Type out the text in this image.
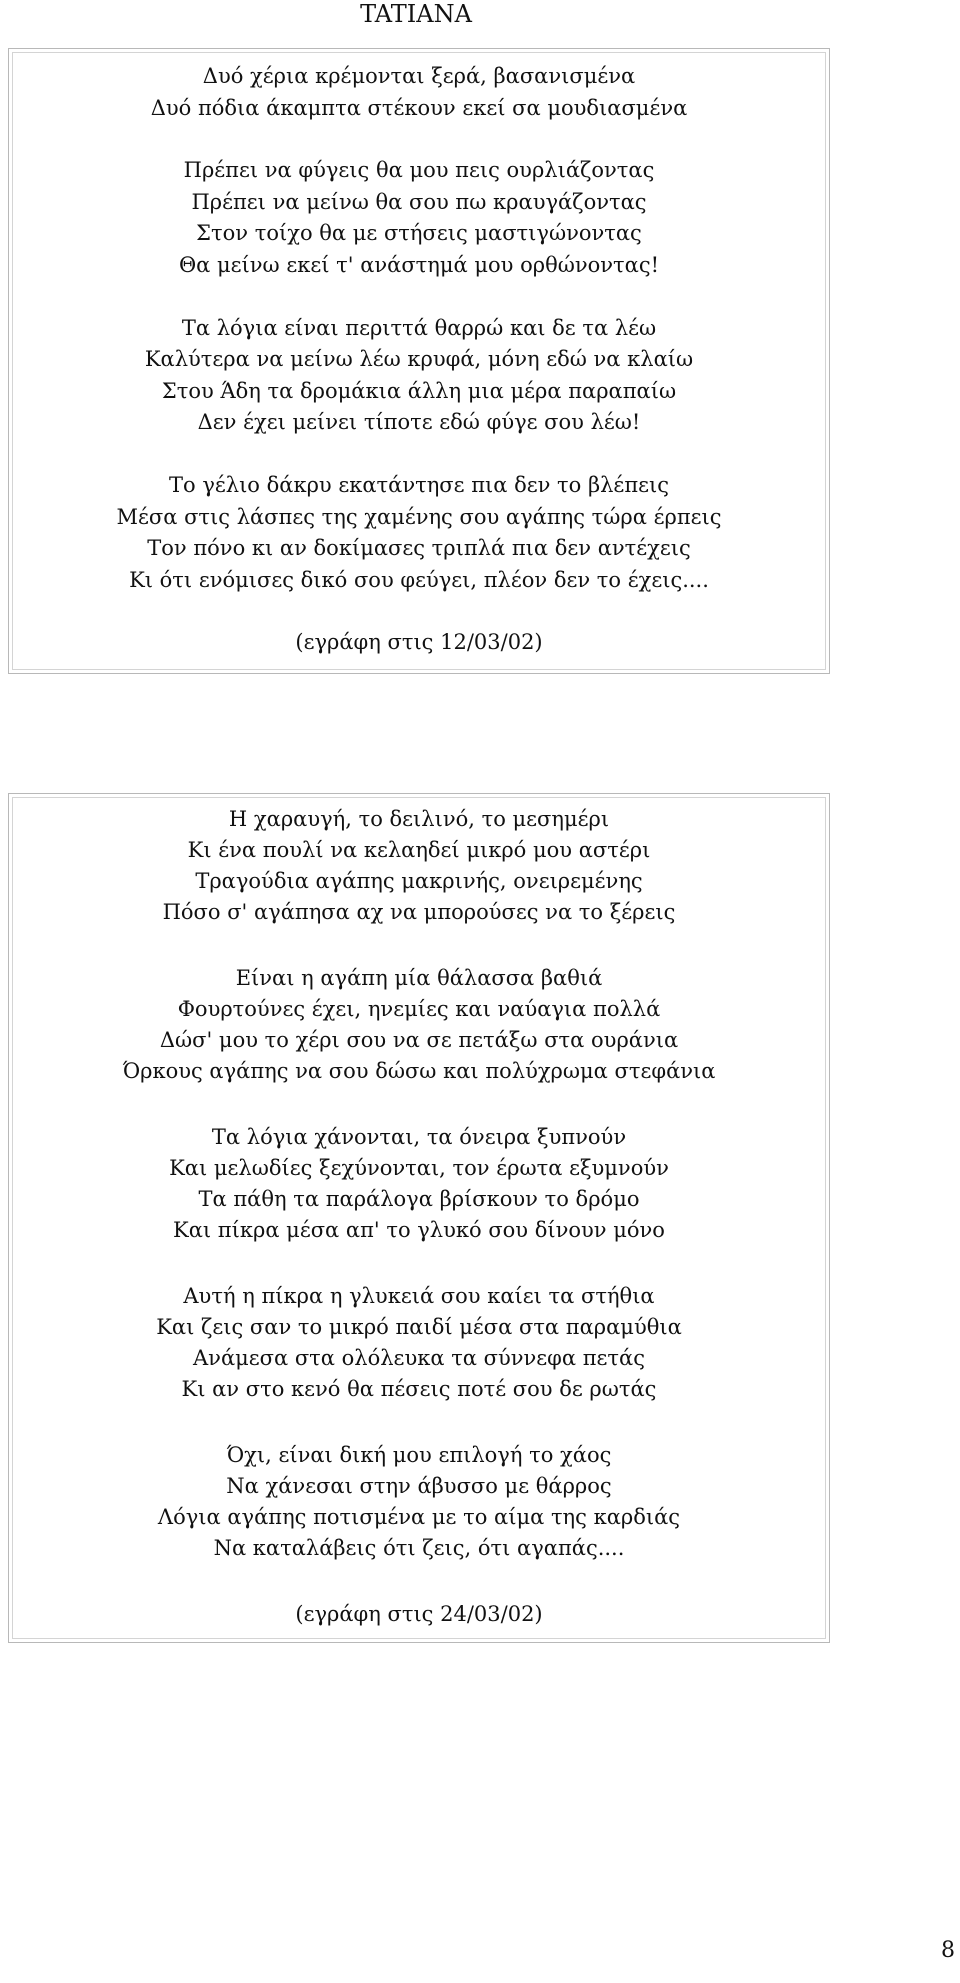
TATIANA
Δυό χέρια κρέμονται ξερά, βασανισμένα
Δυό πόδια άκαμπτα στέκουν εκεί σα μουδιασμένα
Πρέπει να φύγεις θα μου πεις ουρλιάζοντας
Πρέπει να μείνω θα σου πω κραυγάζοντας
Στον τοίχο θα με στήσεις μαστιγώνοντας
Θα μείνω εκεί τ' ανάστημά μου ορθώνοντας!
Τα λόγια είναι περιττά θαρρώ και δε τα λέω
Καλύτερα να μείνω λέω κρυφά, μόνη εδώ να κλαίω
Στου Άδη τα δρομάκια άλλη μια μέρα παραπαίω
Δεν έχει μείνει τίποτε εδώ φύγε σου λέω!
Το γέλιο δάκρυ εκατάντησε πια δεν το βλέπεις
Μέσα στις λάσπες της χαμένης σου αγάπης τώρα έρπεις
Τον πόνο κι αν δοκίμασες τριπλά πια δεν αντέχεις
Κι ότι ενόμισες δικό σου φεύγει, πλέον δεν το έχεις....
(εγράφη στις 12/03/02)
Η χαραυγή, το δειλινό, το μεσημέρι
Κι ένα πουλί να κελαηδεί μικρό μου αστέρι
Τραγούδια αγάπης μακρινής, ονειρεμένης
Πόσο σ' αγάπησα αχ να μπορούσες να το ξέρεις
Είναι η αγάπη μία θάλασσα βαθιά
Φουρτούνες έχει, ηνεμίες και ναύαγια πολλά
Δώσ' μου το χέρι σου να σε πετάξω στα ουράνια
Όρκους αγάπης να σου δώσω και πολύχρωμα στεφάνια
Τα λόγια χάνονται, τα όνειρα ξυπνούν
Και μελωδίες ξεχύνονται, τον έρωτα εξυμνούν
Τα πάθη τα παράλογα βρίσκουν το δρόμο
Και πίκρα μέσα απ' το γλυκό σου δίνουν μόνο
Αυτή η πίκρα η γλυκειά σου καίει τα στήθια
Και ζεις σαν το μικρό παιδί μέσα στα παραμύθια
Ανάμεσα στα ολόλευκα τα σύννεφα πετάς
Κι αν στο κενό θα πέσεις ποτέ σου δε ρωτάς
Όχι, είναι δική μου επιλογή το χάος
Να χάνεσαι στην άβυσσο με θάρρος
Λόγια αγάπης ποτισμένα με το αίμα της καρδιάς
Να καταλάβεις ότι ζεις, ότι αγαπάς....
(εγράφη στις 24/03/02)
8
